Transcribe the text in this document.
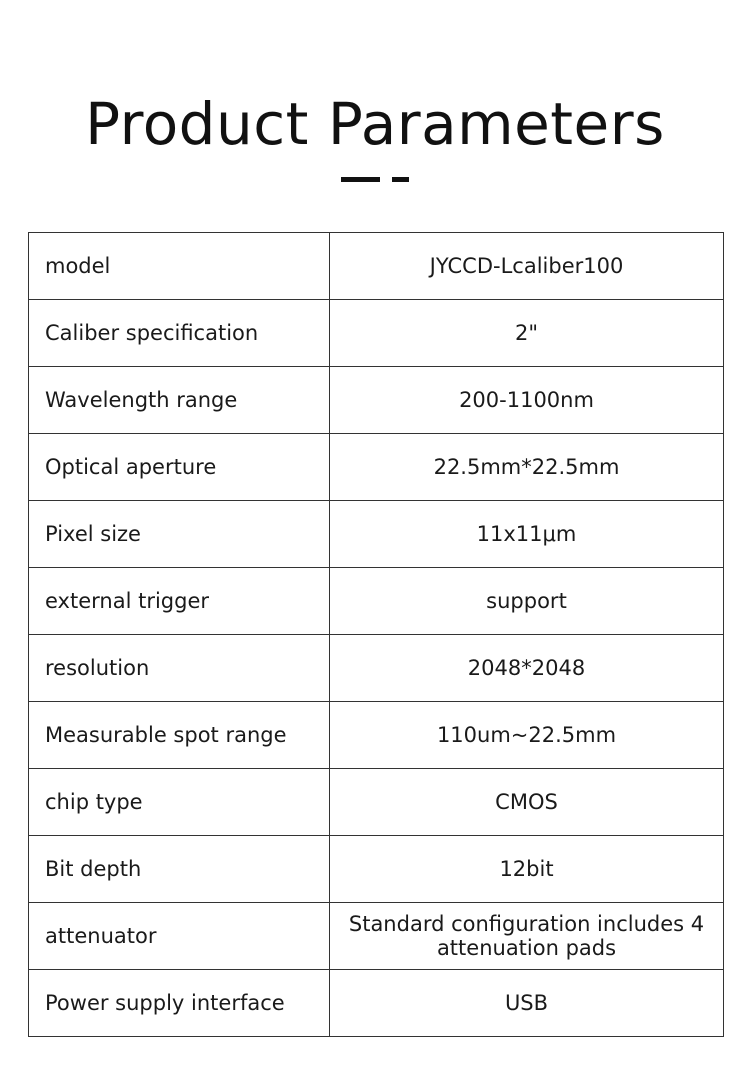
Product Parameters
model	JYCCD-Lcaliber100
Caliber specification	2"
Wavelength range	200-1100nm
Optical aperture	22.5mm*22.5mm
Pixel size	11x11μm
external trigger	support
resolution	2048*2048
Measurable spot range	110um~22.5mm
chip type	CMOS
Bit depth	12bit
attenuator	Standard configuration includes 4 attenuation pads
Power supply interface	USB
